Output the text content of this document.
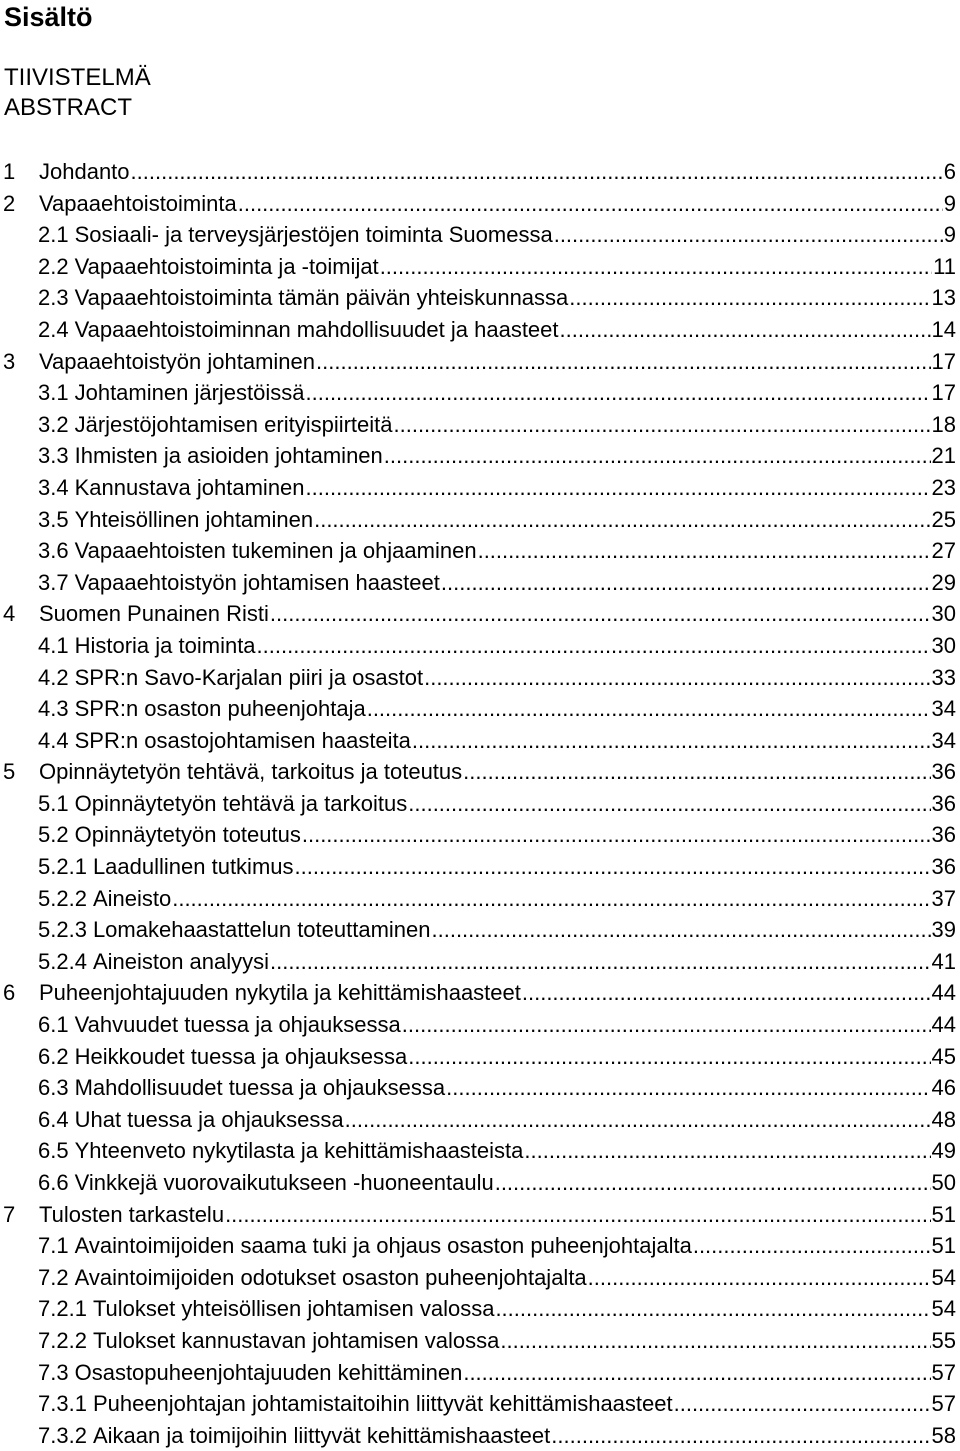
Sisältö
TIIVISTELMÄ
ABSTRACT
1	Johdanto .....	6
2	Vapaaehtoistoiminta .....	9
2.1 Sosiaali- ja terveysjärjestöjen toiminta Suomessa .....	9
2.2 Vapaaehtoistoiminta ja -toimijat .....	11
2.3 Vapaaehtoistoiminta tämän päivän yhteiskunnassa .....	13
2.4 Vapaaehtoistoiminnan mahdollisuudet ja haasteet .....	14
3	Vapaaehtoistyön johtaminen .....	17
3.1 Johtaminen järjestöissä .....	17
3.2 Järjestöjohtamisen erityispiirteitä .....	18
3.3 Ihmisten ja asioiden johtaminen .....	21
3.4 Kannustava johtaminen .....	23
3.5 Yhteisöllinen johtaminen .....	25
3.6 Vapaaehtoisten tukeminen ja ohjaaminen .....	27
3.7 Vapaaehtoistyön johtamisen haasteet .....	29
4	Suomen Punainen Risti .....	30
4.1 Historia ja toiminta .....	30
4.2 SPR:n Savo-Karjalan piiri ja osastot .....	33
4.3 SPR:n osaston puheenjohtaja .....	34
4.4 SPR:n osastojohtamisen haasteita .....	34
5	Opinnäytetyön tehtävä, tarkoitus ja toteutus .....	36
5.1 Opinnäytetyön tehtävä ja tarkoitus .....	36
5.2 Opinnäytetyön toteutus .....	36
5.2.1 Laadullinen tutkimus .....	36
5.2.2 Aineisto .....	37
5.2.3 Lomakehaastattelun toteuttaminen .....	39
5.2.4 Aineiston analyysi .....	41
6	Puheenjohtajuuden nykytila ja kehittämishaasteet .....	44
6.1 Vahvuudet tuessa ja ohjauksessa .....	44
6.2 Heikkoudet tuessa ja ohjauksessa .....	45
6.3 Mahdollisuudet tuessa ja ohjauksessa .....	46
6.4 Uhat tuessa ja ohjauksessa .....	48
6.5 Yhteenveto nykytilasta ja kehittämishaasteista .....	49
6.6 Vinkkejä vuorovaikutukseen -huoneentaulu .....	50
7	Tulosten tarkastelu .....	51
7.1 Avaintoimijoiden saama tuki ja ohjaus osaston puheenjohtajalta .....	51
7.2 Avaintoimijoiden odotukset osaston puheenjohtajalta .....	54
7.2.1 Tulokset yhteisöllisen johtamisen valossa .....	54
7.2.2 Tulokset kannustavan johtamisen valossa .....	55
7.3 Osastopuheenjohtajuuden kehittäminen .....	57
7.3.1 Puheenjohtajan johtamistaitoihin liittyvät kehittämishaasteet .....	57
7.3.2 Aikaan ja toimijoihin liittyvät kehittämishaasteet .....	58
